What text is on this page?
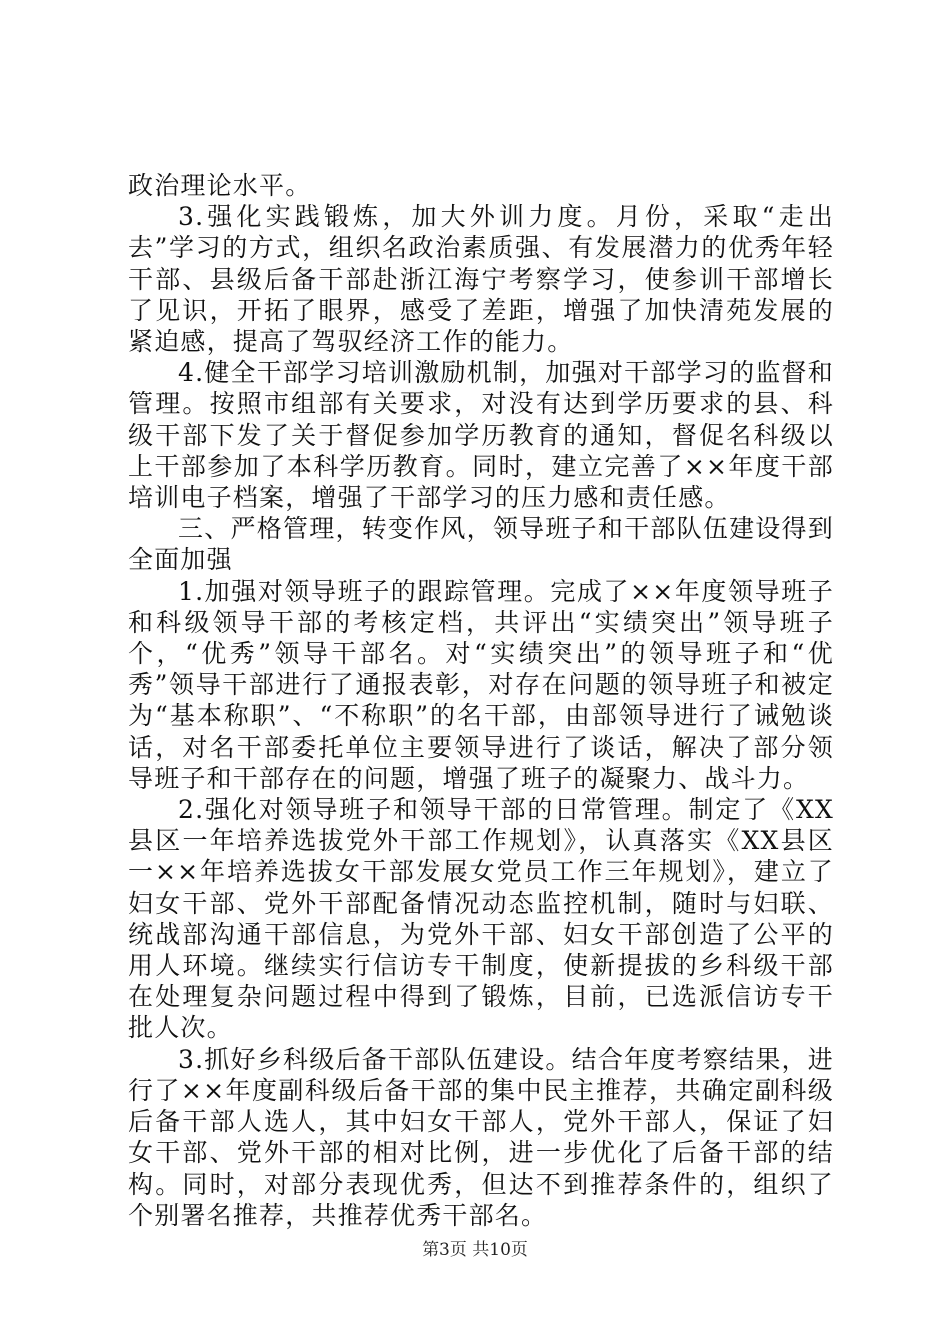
政治理论水平。

3.强化实践锻炼，加大外训力度。月份，采取“走出去”学习的方式，组织名政治素质强、有发展潜力的优秀年轻干部、县级后备干部赴浙江海宁考察学习，使参训干部增长了见识，开拓了眼界，感受了差距，增强了加快清苑发展的紧迫感，提高了驾驭经济工作的能力。

4.健全干部学习培训激励机制，加强对干部学习的监督和管理。按照市组部有关要求，对没有达到学历要求的县、科级干部下发了关于督促参加学历教育的通知，督促名科级以上干部参加了本科学历教育。同时，建立完善了××年度干部培训电子档案，增强了干部学习的压力感和责任感。

三、严格管理，转变作风，领导班子和干部队伍建设得到全面加强

1.加强对领导班子的跟踪管理。完成了××年度领导班子和科级领导干部的考核定档，共评出“实绩突出”领导班子个，“优秀”领导干部名。对“实绩突出”的领导班子和“优秀”领导干部进行了通报表彰，对存在问题的领导班子和被定为“基本称职”、“不称职”的名干部，由部领导进行了诫勉谈话，对名干部委托单位主要领导进行了谈话，解决了部分领导班子和干部存在的问题，增强了班子的凝聚力、战斗力。

2.强化对领导班子和领导干部的日常管理。制定了《XX县区一年培养选拔党外干部工作规划》，认真落实《XX县区一××年培养选拔女干部发展女党员工作三年规划》，建立了妇女干部、党外干部配备情况动态监控机制，随时与妇联、统战部沟通干部信息，为党外干部、妇女干部创造了公平的用人环境。继续实行信访专干制度，使新提拔的乡科级干部在处理复杂问题过程中得到了锻炼，目前，已选派信访专干批人次。

3.抓好乡科级后备干部队伍建设。结合年度考察结果，进行了××年度副科级后备干部的集中民主推荐，共确定副科级后备干部人选人，其中妇女干部人，党外干部人，保证了妇女干部、党外干部的相对比例，进一步优化了后备干部的结构。同时，对部分表现优秀，但达不到推荐条件的，组织了个别署名推荐，共推荐优秀干部名。

第3页 共10页
